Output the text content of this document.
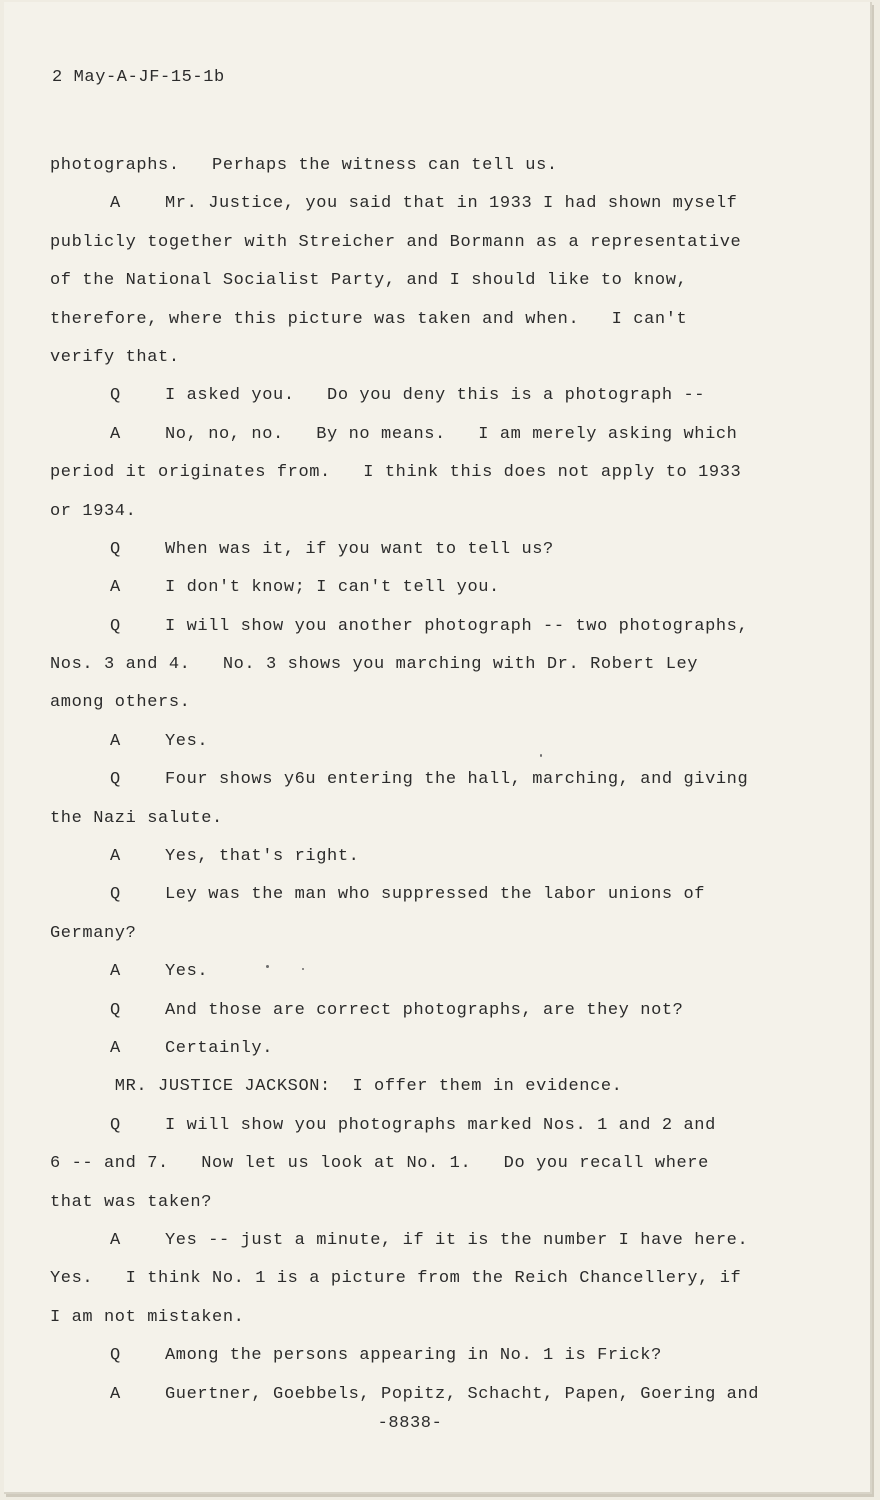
2 May-A-JF-15-1b
photographs.   Perhaps the witness can tell us.
A	Mr. Justice, you said that in 1933 I had shown myself
publicly together with Streicher and Bormann as a representative
of the National Socialist Party, and I should like to know,
therefore, where this picture was taken and when.   I can't
verify that.
Q	I asked you.   Do you deny this is a photograph --
A	No, no, no.   By no means.   I am merely asking which
period it originates from.   I think this does not apply to 1933
or 1934.
Q	When was it, if you want to tell us?
A	I don't know; I can't tell you.
Q	I will show you another photograph -- two photographs,
Nos. 3 and 4.   No. 3 shows you marching with Dr. Robert Ley
among others.
A	Yes.
Q	Four shows y6u entering the hall, marching, and giving
the Nazi salute.
A	Yes, that's right.
Q	Ley was the man who suppressed the labor unions of
Germany?
A	Yes.
Q	And those are correct photographs, are they not?
A	Certainly.
MR. JUSTICE JACKSON:  I offer them in evidence.
Q	I will show you photographs marked Nos. 1 and 2 and
6 -- and 7.   Now let us look at No. 1.   Do you recall where
that was taken?
A	Yes -- just a minute, if it is the number I have here.
Yes.   I think No. 1 is a picture from the Reich Chancellery, if
I am not mistaken.
Q	Among the persons appearing in No. 1 is Frick?
A	Guertner, Goebbels, Popitz, Schacht, Papen, Goering and
-8838-
